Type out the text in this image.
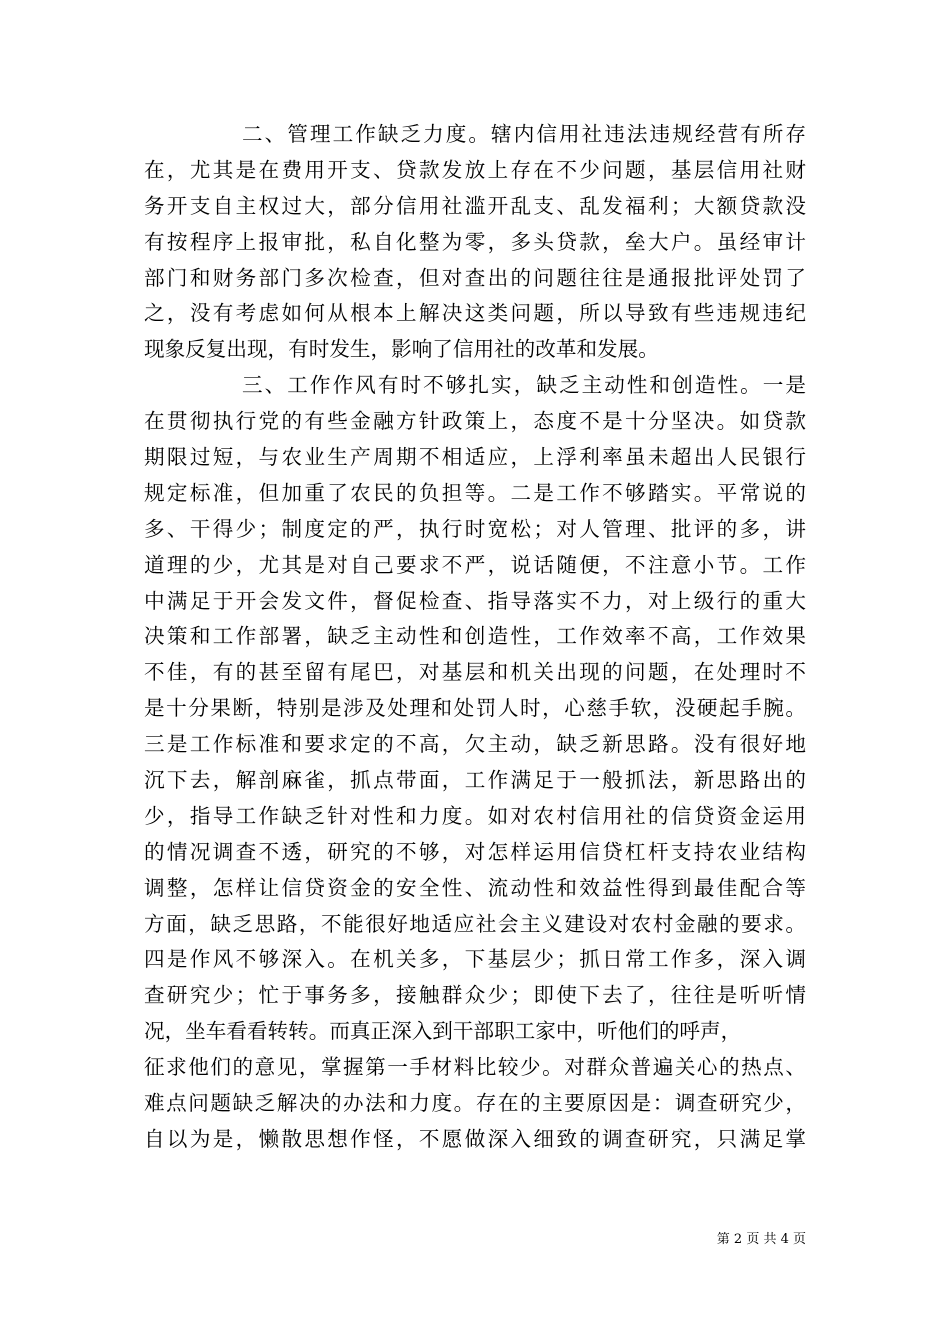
二、管理工作缺乏力度。辖内信用社违法违规经营有所存
在，尤其是在费用开支、贷款发放上存在不少问题，基层信用社财
务开支自主权过大，部分信用社滥开乱支、乱发福利；大额贷款没
有按程序上报审批，私自化整为零，多头贷款，垒大户。虽经审计
部门和财务部门多次检查，但对查出的问题往往是通报批评处罚了
之，没有考虑如何从根本上解决这类问题，所以导致有些违规违纪
现象反复出现，有时发生，影响了信用社的改革和发展。
三、工作作风有时不够扎实，缺乏主动性和创造性。一是
在贯彻执行党的有些金融方针政策上，态度不是十分坚决。如贷款
期限过短，与农业生产周期不相适应，上浮利率虽未超出人民银行
规定标准，但加重了农民的负担等。二是工作不够踏实。平常说的
多、干得少；制度定的严，执行时宽松；对人管理、批评的多，讲
道理的少，尤其是对自己要求不严，说话随便，不注意小节。工作
中满足于开会发文件，督促检查、指导落实不力，对上级行的重大
决策和工作部署，缺乏主动性和创造性，工作效率不高，工作效果
不佳，有的甚至留有尾巴，对基层和机关出现的问题，在处理时不
是十分果断，特别是涉及处理和处罚人时，心慈手软，没硬起手腕。
三是工作标准和要求定的不高，欠主动，缺乏新思路。没有很好地
沉下去，解剖麻雀，抓点带面，工作满足于一般抓法，新思路出的
少，指导工作缺乏针对性和力度。如对农村信用社的信贷资金运用
的情况调查不透，研究的不够，对怎样运用信贷杠杆支持农业结构
调整，怎样让信贷资金的安全性、流动性和效益性得到最佳配合等
方面，缺乏思路，不能很好地适应社会主义建设对农村金融的要求。
四是作风不够深入。在机关多，下基层少；抓日常工作多，深入调
查研究少；忙于事务多，接触群众少；即使下去了，往往是听听情
况，坐车看看转转。而真正深入到干部职工家中，听他们的呼声，
征求他们的意见，掌握第一手材料比较少。对群众普遍关心的热点、
难点问题缺乏解决的办法和力度。存在的主要原因是：调查研究少，
自以为是，懒散思想作怪，不愿做深入细致的调查研究，只满足掌
第 2 页 共 4 页
